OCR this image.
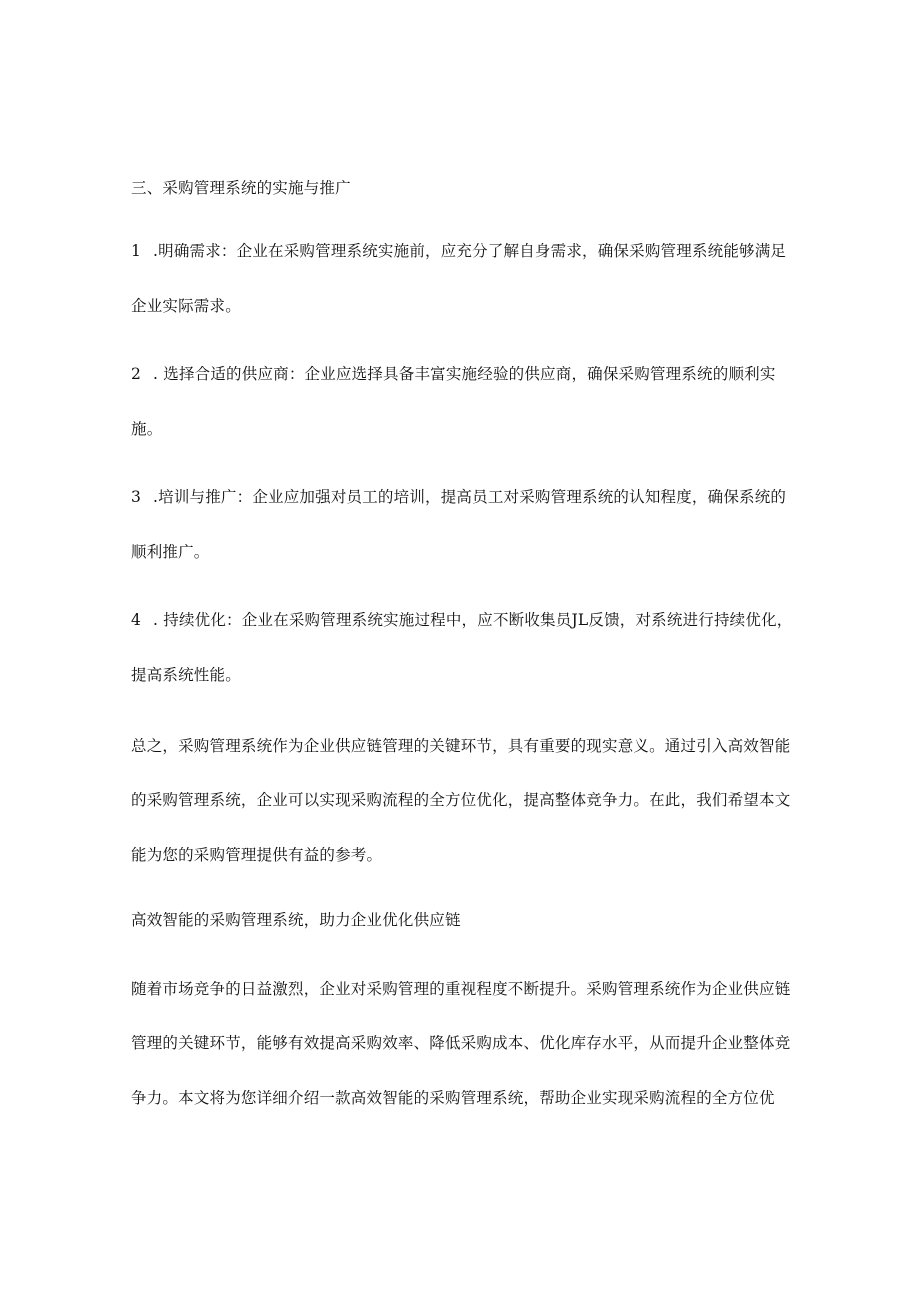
三、采购管理系统的实施与推广
1 .明确需求：企业在采购管理系统实施前，应充分了解自身需求，确保采购管理系统能够满足
企业实际需求。
2 . 选择合适的供应商：企业应选择具备丰富实施经验的供应商，确保采购管理系统的顺利实
施。
3 .培训与推广：企业应加强对员工的培训，提高员工对采购管理系统的认知程度，确保系统的
顺利推广。
4 . 持续优化：企业在采购管理系统实施过程中，应不断收集员JL反馈，对系统进行持续优化，
提高系统性能。
总之，采购管理系统作为企业供应链管理的关键环节，具有重要的现实意义。通过引入高效智能
的采购管理系统，企业可以实现采购流程的全方位优化，提高整体竞争力。在此，我们希望本文
能为您的采购管理提供有益的参考。
高效智能的采购管理系统，助力企业优化供应链
随着市场竞争的日益激烈，企业对采购管理的重视程度不断提升。采购管理系统作为企业供应链
管理的关键环节，能够有效提高采购效率、降低采购成本、优化库存水平，从而提升企业整体竞
争力。本文将为您详细介绍一款高效智能的采购管理系统，帮助企业实现采购流程的全方位优
